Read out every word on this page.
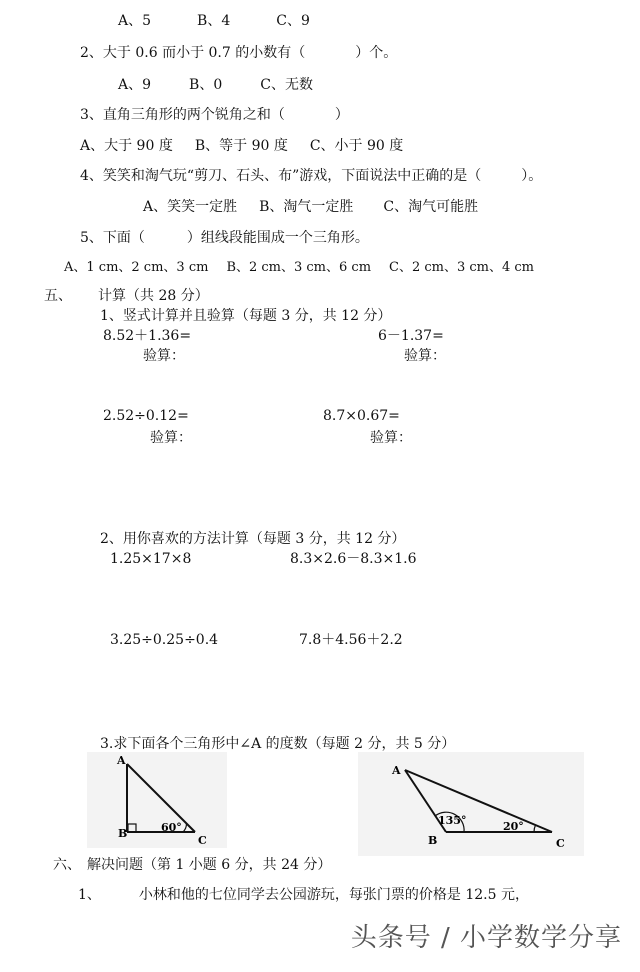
A、5	B、4	C、9
2、大于 0.6 而小于 0.7 的小数有（	）个。
A、9	B、0	C、无数
3、直角三角形的两个锐角之和（	）
A、大于 90 度 B、等于 90 度 C、小于 90 度
4、笑笑和淘气玩“剪刀、石头、布”游戏，下面说法中正确的是（	）。
A、笑笑一定胜 B、淘气一定胜 C、淘气可能胜
5、下面（	）组线段能围成一个三角形。
A、1 cm、2 cm、3 cm B、2 cm、3 cm、6 cm C、2 cm、3 cm、4 cm
五、 计算（共 28 分）
1、竖式计算并且验算（每题 3 分，共 12 分）
8.52＋1.36=	6－1.37=
验算：	验算：
2.52÷0.12=	8.7×0.67=
验算：	验算：
2、用你喜欢的方法计算（每题 3 分，共 12 分）
1.25×17×8	8.3×2.6－8.3×1.6
3.25÷0.25÷0.4	7.8＋4.56＋2.2
3.求下面各个三角形中∠A 的度数（每题 2 分，共 5 分）
A
B
C
60°
A
B	C
135°	20°
六、 解决问题（第 1 小题 6 分，共 24 分）
1、	小林和他的七位同学去公园游玩，每张门票的价格是 12.5 元，
头条号 / 小学数学分享
